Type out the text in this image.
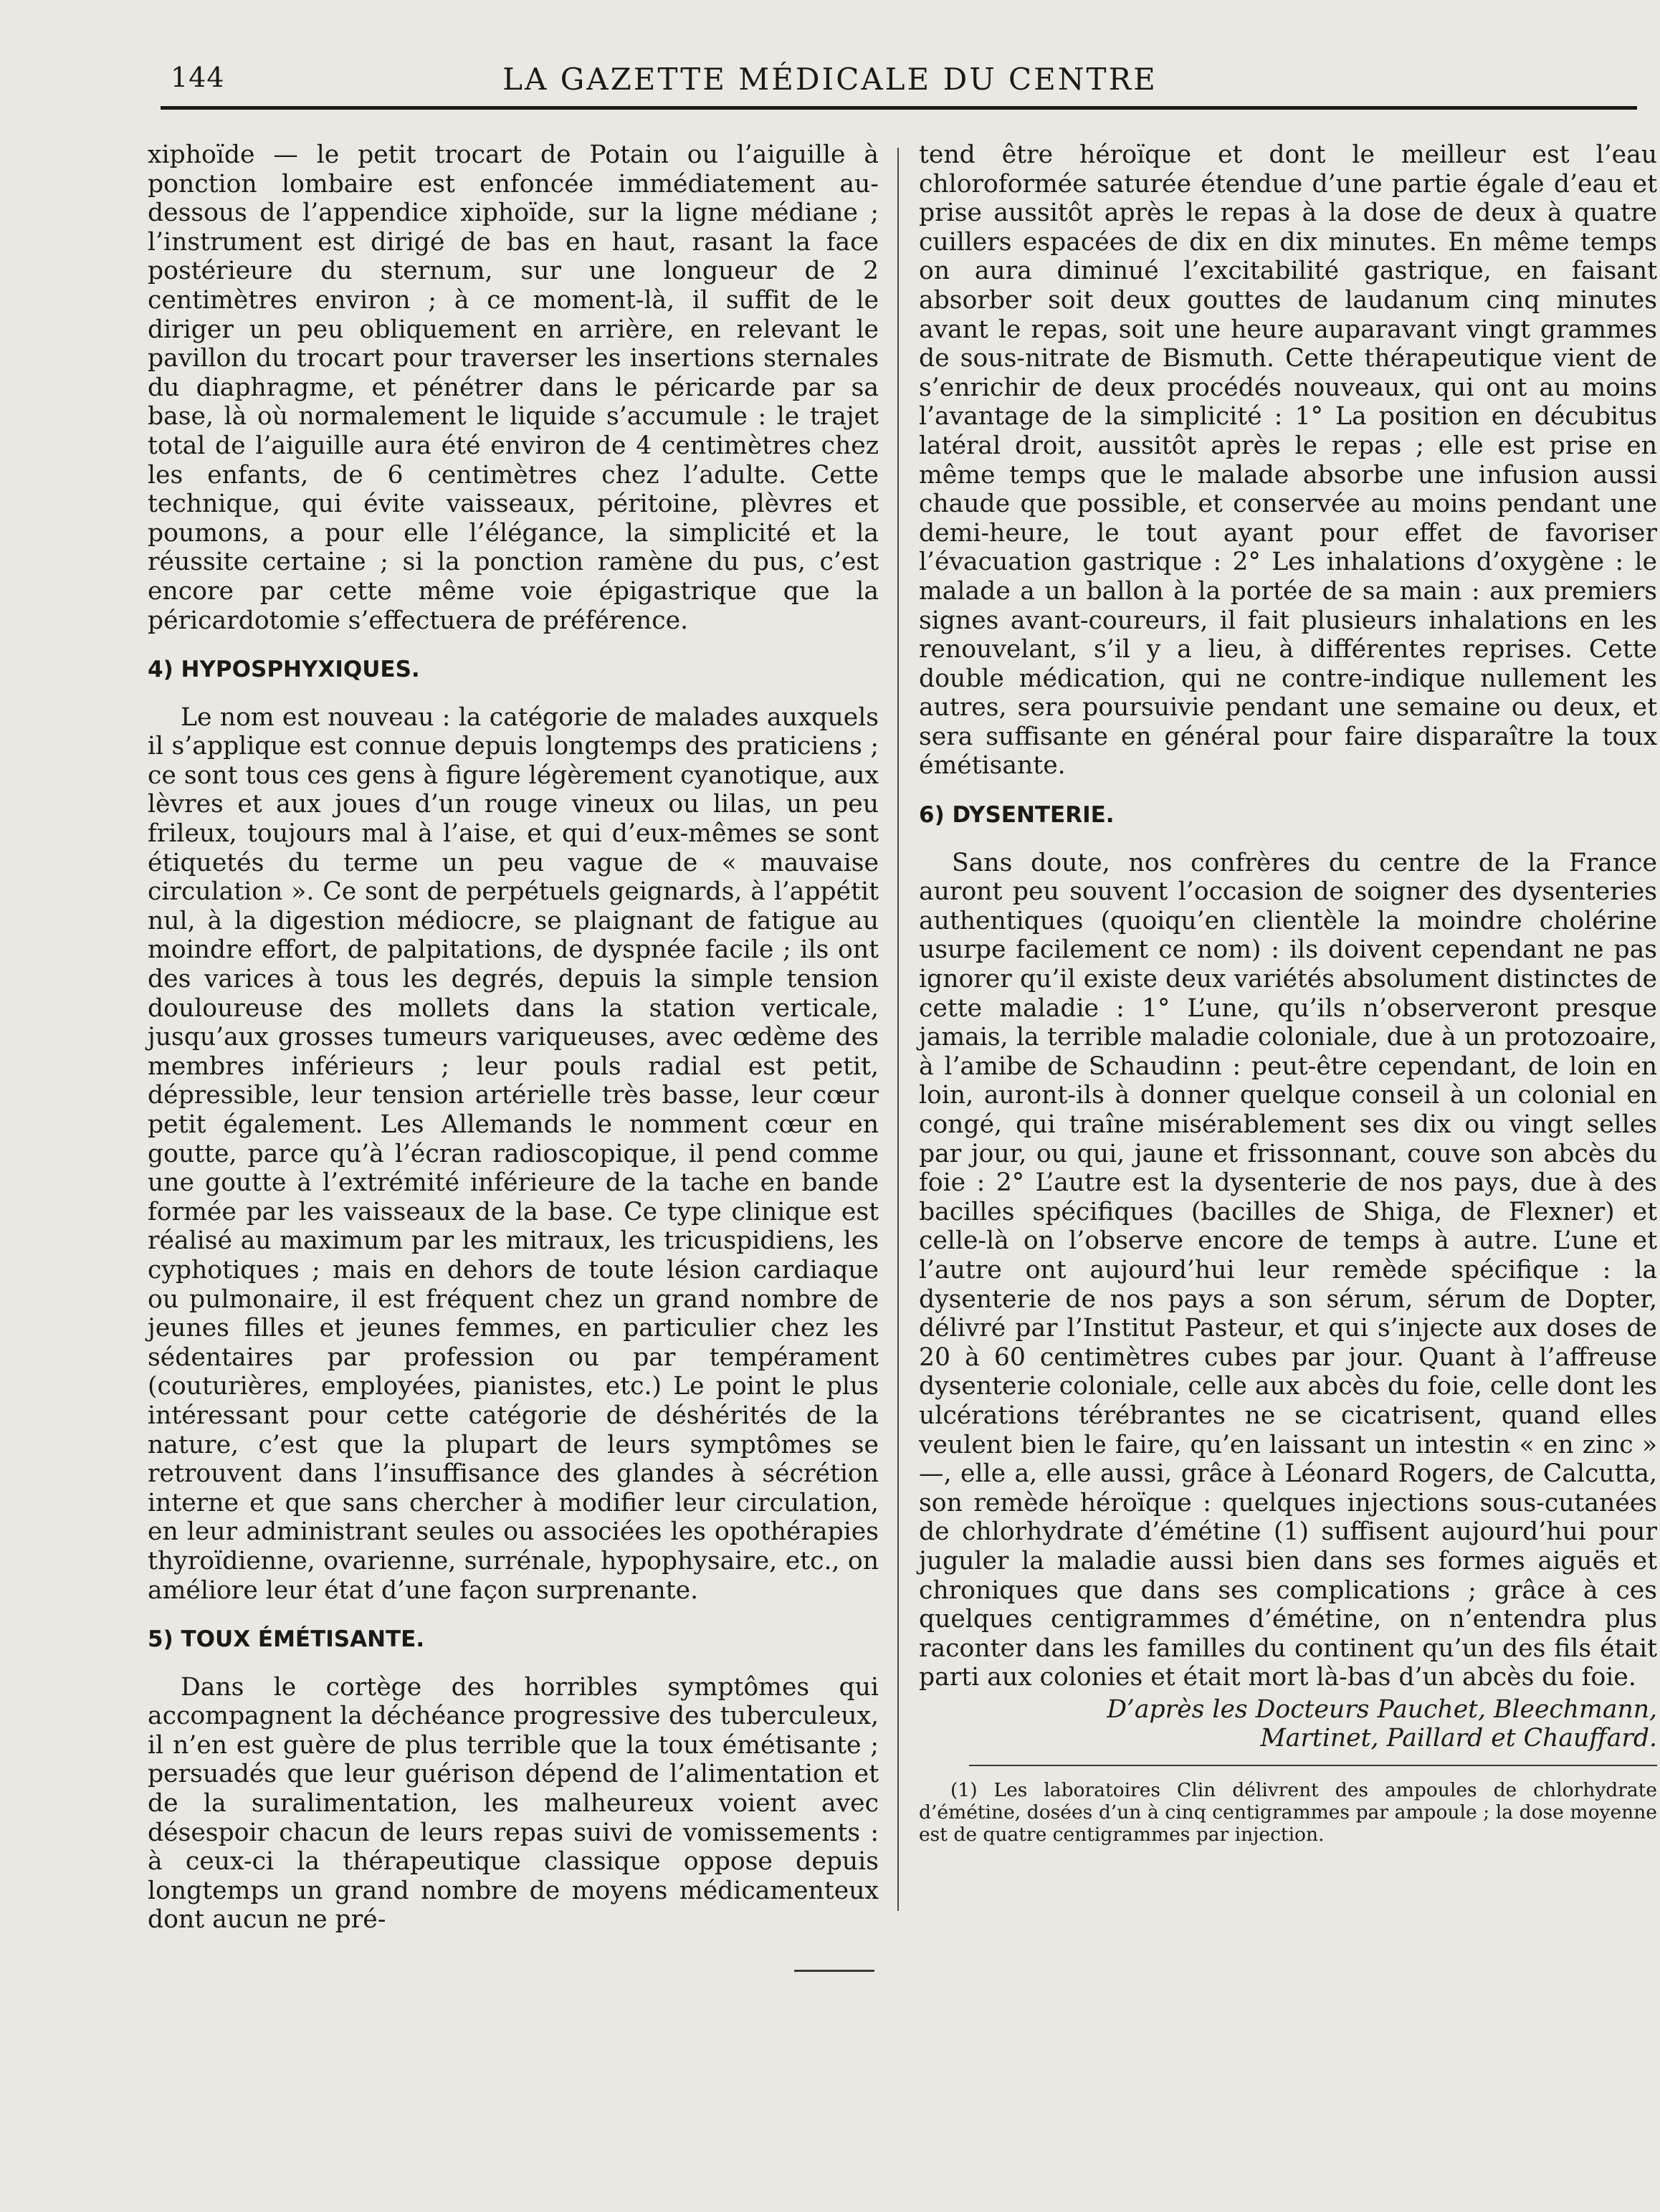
144	LA GAZETTE MÉDICALE DU CENTRE

xiphoïde — le petit trocart de Potain ou l’aiguille à ponction lombaire est enfoncée immédiatement au-dessous de l’appendice xiphoïde, sur la ligne médiane ; l’instrument est dirigé de bas en haut, rasant la face postérieure du sternum, sur une longueur de 2 centimètres environ ; à ce moment-là, il suffit de le diriger un peu obliquement en arrière, en relevant le pavillon du trocart pour traverser les insertions sternales du diaphragme, et pénétrer dans le péricarde par sa base, là où normalement le liquide s’accumule : le trajet total de l’aiguille aura été environ de 4 centimètres chez les enfants, de 6 centimètres chez l’adulte. Cette technique, qui évite vaisseaux, péritoine, plèvres et poumons, a pour elle l’élégance, la simplicité et la réussite certaine ; si la ponction ramène du pus, c’est encore par cette même voie épigastrique que la péricardotomie s’effectuera de préférence.

4) HYPOSPHYXIQUES.

Le nom est nouveau : la catégorie de malades auxquels il s’applique est connue depuis longtemps des praticiens ; ce sont tous ces gens à figure légèrement cyanotique, aux lèvres et aux joues d’un rouge vineux ou lilas, un peu frileux, toujours mal à l’aise, et qui d’eux-mêmes se sont étiquetés du terme un peu vague de « mauvaise circulation ». Ce sont de perpétuels geignards, à l’appétit nul, à la digestion médiocre, se plaignant de fatigue au moindre effort, de palpitations, de dyspnée facile ; ils ont des varices à tous les degrés, depuis la simple tension douloureuse des mollets dans la station verticale, jusqu’aux grosses tumeurs variqueuses, avec œdème des membres inférieurs ; leur pouls radial est petit, dépressible, leur tension artérielle très basse, leur cœur petit également. Les Allemands le nomment cœur en goutte, parce qu’à l’écran radioscopique, il pend comme une goutte à l’extrémité inférieure de la tache en bande formée par les vaisseaux de la base. Ce type clinique est réalisé au maximum par les mitraux, les tricuspidiens, les cyphotiques ; mais en dehors de toute lésion cardiaque ou pulmonaire, il est fréquent chez un grand nombre de jeunes filles et jeunes femmes, en particulier chez les sédentaires par profession ou par tempérament (couturières, employées, pianistes, etc.) Le point le plus intéressant pour cette catégorie de déshérités de la nature, c’est que la plupart de leurs symptômes se retrouvent dans l’insuffisance des glandes à sécrétion interne et que sans chercher à modifier leur circulation, en leur administrant seules ou associées les opothérapies thyroïdienne, ovarienne, surrénale, hypophysaire, etc., on améliore leur état d’une façon surprenante.

5) TOUX ÉMÉTISANTE.

Dans le cortège des horribles symptômes qui accompagnent la déchéance progressive des tuberculeux, il n’en est guère de plus terrible que la toux émétisante ; persuadés que leur guérison dépend de l’alimentation et de la suralimentation, les malheureux voient avec désespoir chacun de leurs repas suivi de vomissements : à ceux-ci la thérapeutique classique oppose depuis longtemps un grand nombre de moyens médicamenteux dont aucun ne pré-

tend être héroïque et dont le meilleur est l’eau chloroformée saturée étendue d’une partie égale d’eau et prise aussitôt après le repas à la dose de deux à quatre cuillers espacées de dix en dix minutes. En même temps on aura diminué l’excitabilité gastrique, en faisant absorber soit deux gouttes de laudanum cinq minutes avant le repas, soit une heure auparavant vingt grammes de sous-nitrate de Bismuth. Cette thérapeutique vient de s’enrichir de deux procédés nouveaux, qui ont au moins l’avantage de la simplicité : 1° La position en décubitus latéral droit, aussitôt après le repas ; elle est prise en même temps que le malade absorbe une infusion aussi chaude que possible, et conservée au moins pendant une demi-heure, le tout ayant pour effet de favoriser l’évacuation gastrique : 2° Les inhalations d’oxygène : le malade a un ballon à la portée de sa main : aux premiers signes avant-coureurs, il fait plusieurs inhalations en les renouvelant, s’il y a lieu, à différentes reprises. Cette double médication, qui ne contre-indique nullement les autres, sera poursuivie pendant une semaine ou deux, et sera suffisante en général pour faire disparaître la toux émétisante.

6) DYSENTERIE.

Sans doute, nos confrères du centre de la France auront peu souvent l’occasion de soigner des dysenteries authentiques (quoiqu’en clientèle la moindre cholérine usurpe facilement ce nom) : ils doivent cependant ne pas ignorer qu’il existe deux variétés absolument distinctes de cette maladie : 1° L’une, qu’ils n’observeront presque jamais, la terrible maladie coloniale, due à un protozoaire, à l’amibe de Schaudinn : peut-être cependant, de loin en loin, auront-ils à donner quelque conseil à un colonial en congé, qui traîne misérablement ses dix ou vingt selles par jour, ou qui, jaune et frissonnant, couve son abcès du foie : 2° L’autre est la dysenterie de nos pays, due à des bacilles spécifiques (bacilles de Shiga, de Flexner) et celle-là on l’observe encore de temps à autre. L’une et l’autre ont aujourd’hui leur remède spécifique : la dysenterie de nos pays a son sérum, sérum de Dopter, délivré par l’Institut Pasteur, et qui s’injecte aux doses de 20 à 60 centimètres cubes par jour. Quant à l’affreuse dysenterie coloniale, celle aux abcès du foie, celle dont les ulcérations térébrantes ne se cicatrisent, quand elles veulent bien le faire, qu’en laissant un intestin « en zinc » —, elle a, elle aussi, grâce à Léonard Rogers, de Calcutta, son remède héroïque : quelques injections sous-cutanées de chlorhydrate d’émétine (1) suffisent aujourd’hui pour juguler la maladie aussi bien dans ses formes aiguës et chroniques que dans ses complications ; grâce à ces quelques centigrammes d’émétine, on n’entendra plus raconter dans les familles du continent qu’un des fils était parti aux colonies et était mort là-bas d’un abcès du foie.

D’après les Docteurs Pauchet, Bleechmann,
Martinet, Paillard et Chauffard.

(1) Les laboratoires Clin délivrent des ampoules de chlorhydrate d’émétine, dosées d’un à cinq centigrammes par ampoule ; la dose moyenne est de quatre centigrammes par injection.
